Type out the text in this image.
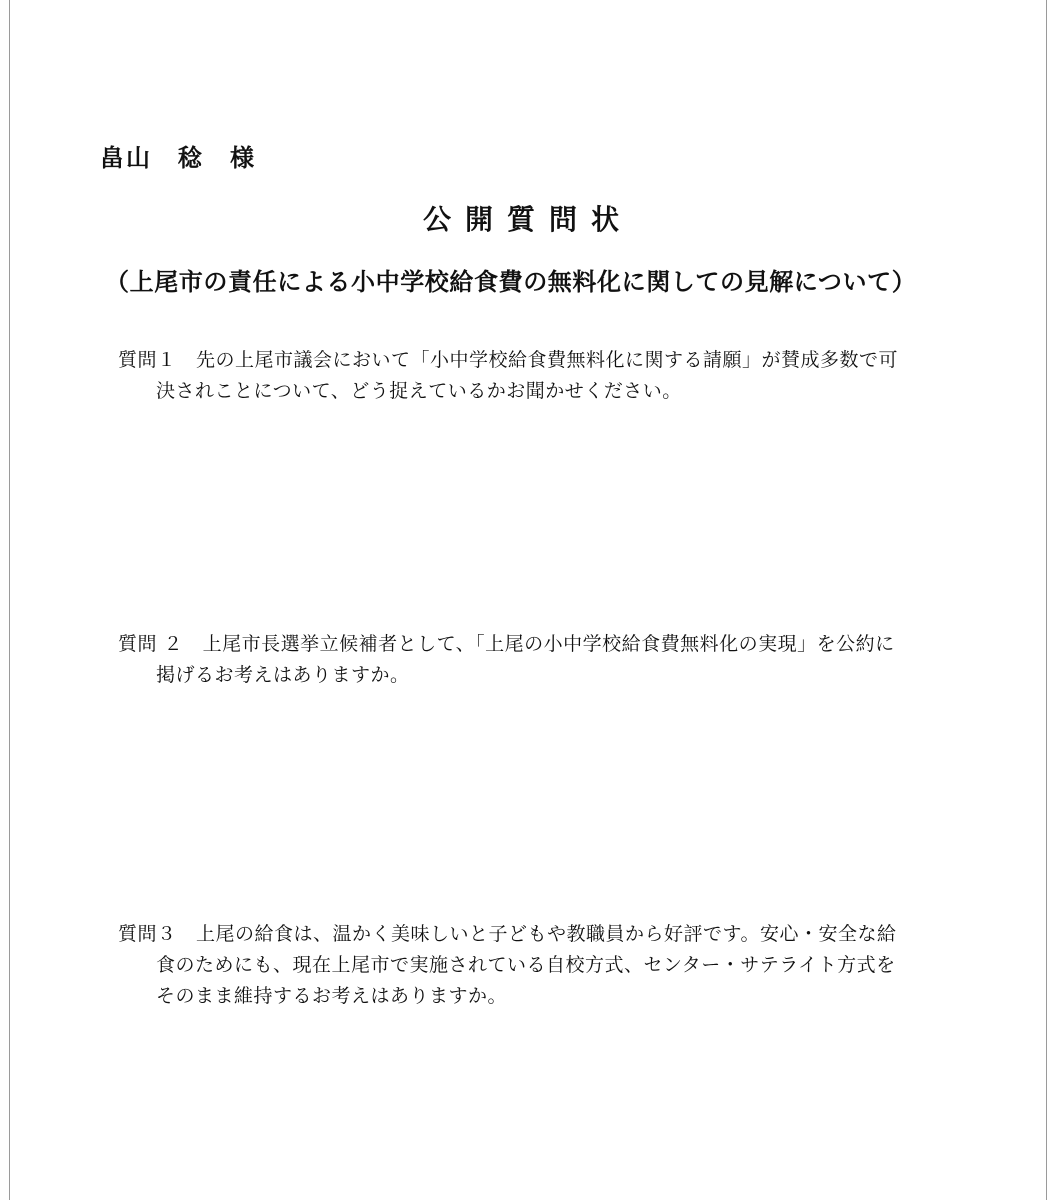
畠山　稔　様
公開質問状
（上尾市の責任による小中学校給食費の無料化に関しての見解について）
質問１　 先の上尾市議会において「小中学校給食費無料化に関する請願」が賛成多数で可
決されことについて、どう捉えているかお聞かせください。
質問 ２　 上尾市長選挙立候補者として、「上尾の小中学校給食費無料化の実現」を公約に
掲げるお考えはありますか。
質問３　 上尾の給食は、温かく美味しいと子どもや教職員から好評です。安心・安全な給
食のためにも、現在上尾市で実施されている自校方式、センター・サテライト方式を
そのまま維持するお考えはありますか。
